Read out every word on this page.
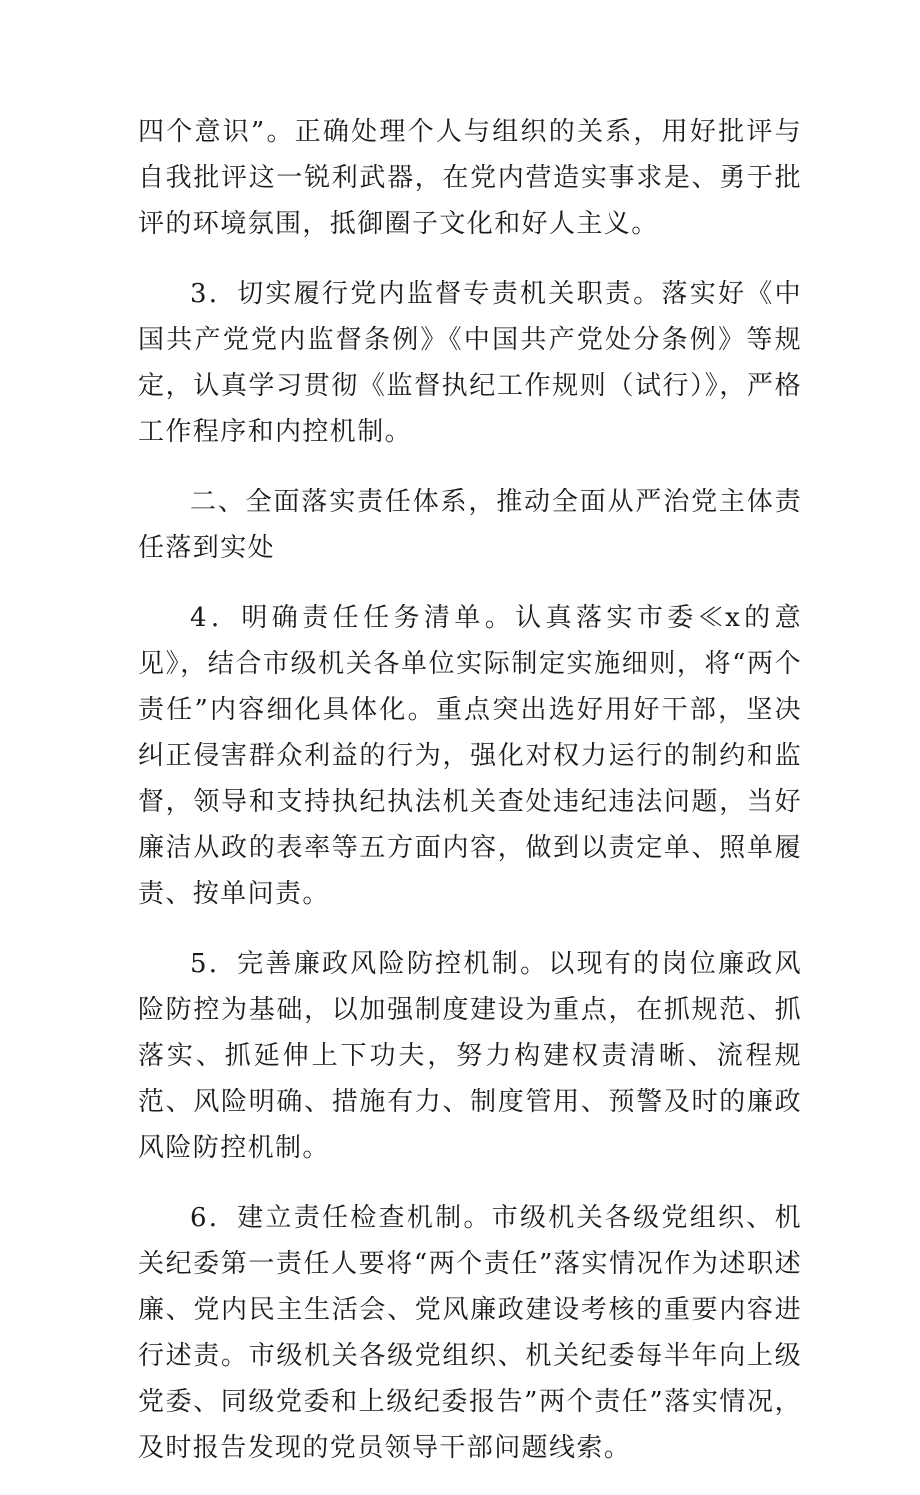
四个意识”。正确处理个人与组织的关系，用好批评与自我批评这一锐利武器，在党内营造实事求是、勇于批评的环境氛围，抵御圈子文化和好人主义。

3．切实履行党内监督专责机关职责。落实好《中国共产党党内监督条例》《中国共产党处分条例》等规定，认真学习贯彻《监督执纪工作规则（试行）》，严格工作程序和内控机制。

二、全面落实责任体系，推动全面从严治党主体责任落到实处

4．明确责任任务清单。认真落实市委≪x的意见》，结合市级机关各单位实际制定实施细则，将“两个责任”内容细化具体化。重点突出选好用好干部，坚决纠正侵害群众利益的行为，强化对权力运行的制约和监督，领导和支持执纪执法机关查处违纪违法问题，当好廉洁从政的表率等五方面内容，做到以责定单、照单履责、按单问责。

5．完善廉政风险防控机制。以现有的岗位廉政风险防控为基础，以加强制度建设为重点，在抓规范、抓落实、抓延伸上下功夫，努力构建权责清晰、流程规范、风险明确、措施有力、制度管用、预警及时的廉政风险防控机制。

6．建立责任检查机制。市级机关各级党组织、机关纪委第一责任人要将“两个责任”落实情况作为述职述廉、党内民主生活会、党风廉政建设考核的重要内容进行述责。市级机关各级党组织、机关纪委每半年向上级党委、同级党委和上级纪委报告”两个责任”落实情况，及时报告发现的党员领导干部问题线索。
